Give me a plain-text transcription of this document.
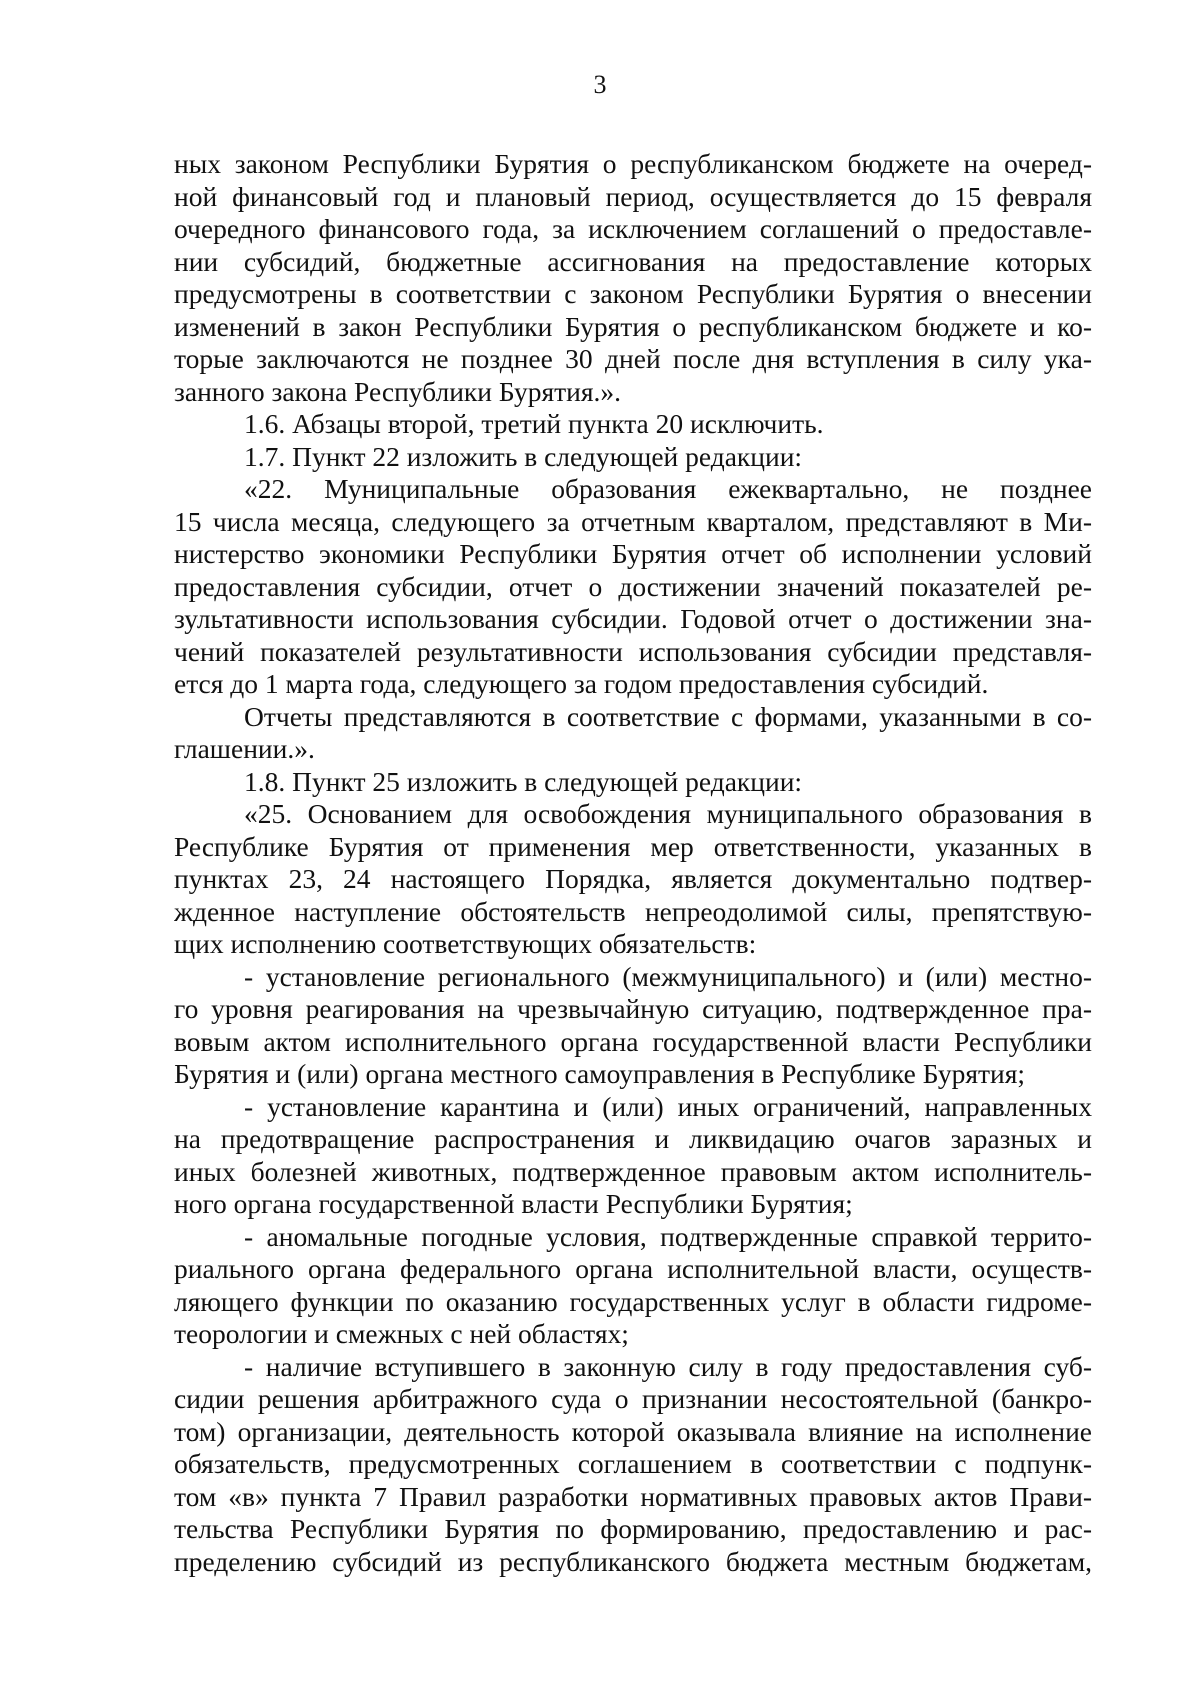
3
ных законом Республики Бурятия о республиканском бюджете на очеред-
ной финансовый год и плановый период, осуществляется до 15 февраля
очередного финансового года, за исключением соглашений о предоставле-
нии субсидий, бюджетные ассигнования на предоставление которых
предусмотрены в соответствии с законом Республики Бурятия о внесении
изменений в закон Республики Бурятия о республиканском бюджете и ко-
торые заключаются не позднее 30 дней после дня вступления в силу ука-
занного закона Республики Бурятия.».
1.6. Абзацы второй, третий пункта 20 исключить.
1.7. Пункт 22 изложить в следующей редакции:
«22. Муниципальные образования ежеквартально, не позднее
15 числа месяца, следующего за отчетным кварталом, представляют в Ми-
нистерство экономики Республики Бурятия отчет об исполнении условий
предоставления субсидии, отчет о достижении значений показателей ре-
зультативности использования субсидии. Годовой отчет о достижении зна-
чений показателей результативности использования субсидии представля-
ется до 1 марта года, следующего за годом предоставления субсидий.
Отчеты представляются в соответствие с формами, указанными в со-
глашении.».
1.8. Пункт 25 изложить в следующей редакции:
«25. Основанием для освобождения муниципального образования в
Республике Бурятия от применения мер ответственности, указанных в
пунктах 23, 24 настоящего Порядка, является документально подтвер-
жденное наступление обстоятельств непреодолимой силы, препятствую-
щих исполнению соответствующих обязательств:
- установление регионального (межмуниципального) и (или) местно-
го уровня реагирования на чрезвычайную ситуацию, подтвержденное пра-
вовым актом исполнительного органа государственной власти Республики
Бурятия и (или) органа местного самоуправления в Республике Бурятия;
- установление карантина и (или) иных ограничений, направленных
на предотвращение распространения и ликвидацию очагов заразных и
иных болезней животных, подтвержденное правовым актом исполнитель-
ного органа государственной власти Республики Бурятия;
- аномальные погодные условия, подтвержденные справкой террито-
риального органа федерального органа исполнительной власти, осуществ-
ляющего функции по оказанию государственных услуг в области гидроме-
теорологии и смежных с ней областях;
- наличие вступившего в законную силу в году предоставления суб-
сидии решения арбитражного суда о признании несостоятельной (банкро-
том) организации, деятельность которой оказывала влияние на исполнение
обязательств, предусмотренных соглашением в соответствии с подпунк-
том «в» пункта 7 Правил разработки нормативных правовых актов Прави-
тельства Республики Бурятия по формированию, предоставлению и рас-
пределению субсидий из республиканского бюджета местным бюджетам,
